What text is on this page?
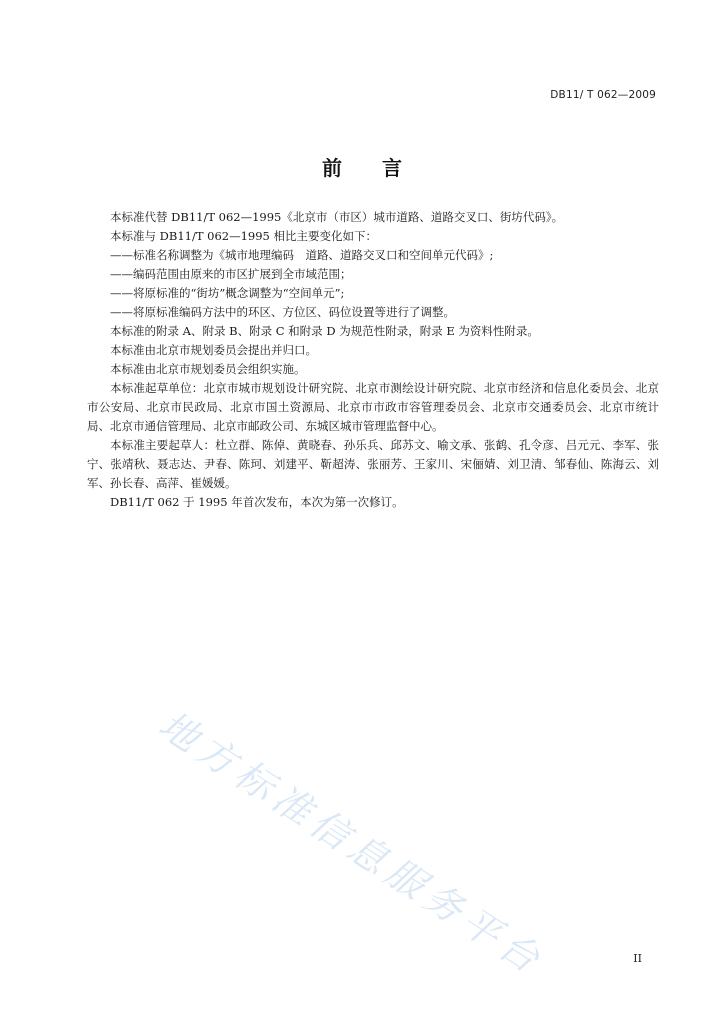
DB11/ T 062—2009
前言

本标准代替 DB11/T 062—1995《北京市（市区）城市道路、道路交叉口、街坊代码》。

本标准与 DB11/T 062—1995 相比主要变化如下：

——标准名称调整为《城市地理编码　道路、道路交叉口和空间单元代码》;

——编码范围由原来的市区扩展到全市域范围；

——将原标准的“街坊”概念调整为“空间单元”;

——将原标准编码方法中的环区、方位区、码位设置等进行了调整。

本标准的附录 A、附录 B、附录 C 和附录 D 为规范性附录，附录 E 为资料性附录。

本标准由北京市规划委员会提出并归口。

本标准由北京市规划委员会组织实施。

本标准起草单位：北京市城市规划设计研究院、北京市测绘设计研究院、北京市经济和信息化委员会、北京市公安局、北京市民政局、北京市国土资源局、北京市市政市容管理委员会、北京市交通委员会、北京市统计局、北京市通信管理局、北京市邮政公司、东城区城市管理监督中心。

本标准主要起草人：杜立群、陈倬、黄晓春、孙乐兵、邱苏文、喻文承、张鹤、孔令彦、吕元元、李军、张宁、张靖秋、聂志达、尹春、陈珂、刘建平、靳超涛、张丽芳、王家川、宋俪婧、刘卫清、邹春仙、陈海云、刘军、孙长春、高萍、崔媛媛。

DB11/T 062 于 1995 年首次发布，本次为第一次修订。

地方标准信息服务平台	II
